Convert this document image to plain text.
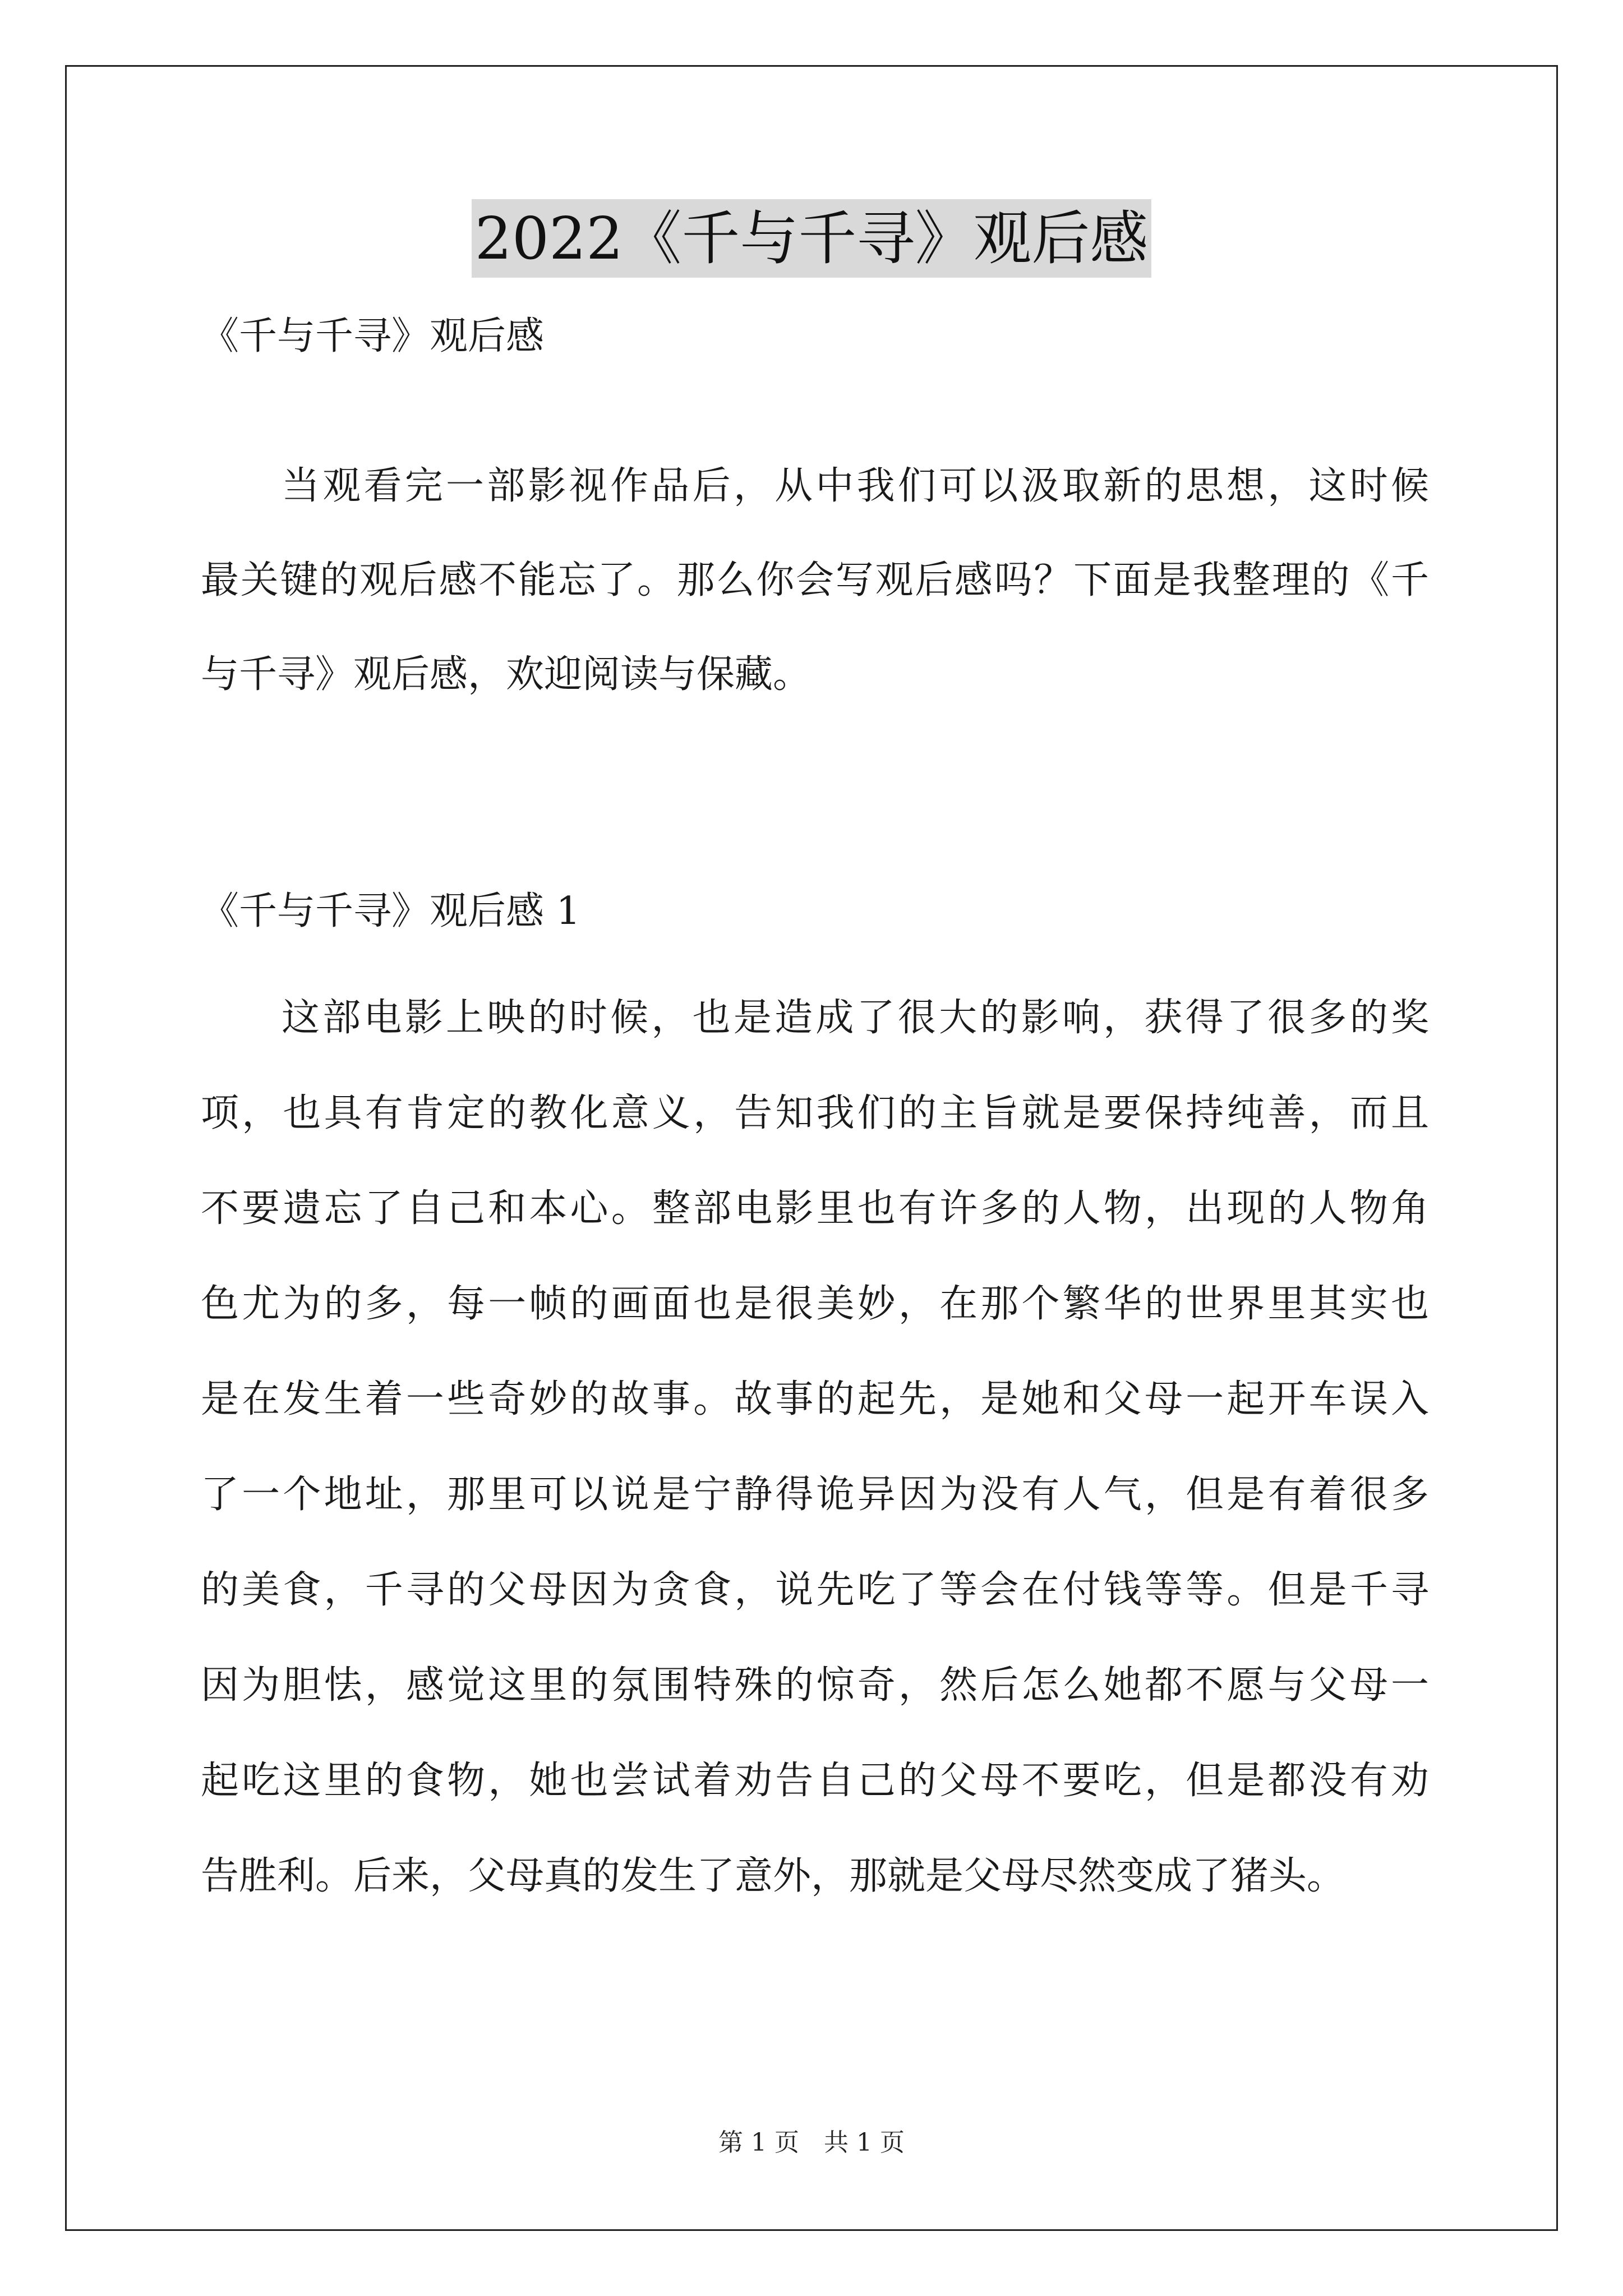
2022《千与千寻》观后感
《千与千寻》观后感
当观看完一部影视作品后，从中我们可以汲取新的思想，这时候
最关键的观后感不能忘了。那么你会写观后感吗？下面是我整理的《千
与千寻》观后感，欢迎阅读与保藏。
《千与千寻》观后感 1
这部电影上映的时候，也是造成了很大的影响，获得了很多的奖
项，也具有肯定的教化意义，告知我们的主旨就是要保持纯善，而且
不要遗忘了自己和本心。整部电影里也有许多的人物，出现的人物角
色尤为的多，每一帧的画面也是很美妙，在那个繁华的世界里其实也
是在发生着一些奇妙的故事。故事的起先，是她和父母一起开车误入
了一个地址，那里可以说是宁静得诡异因为没有人气，但是有着很多
的美食，千寻的父母因为贪食，说先吃了等会在付钱等等。但是千寻
因为胆怯，感觉这里的氛围特殊的惊奇，然后怎么她都不愿与父母一
起吃这里的食物，她也尝试着劝告自己的父母不要吃，但是都没有劝
告胜利。后来，父母真的发生了意外，那就是父母尽然变成了猪头。
第 1 页　共 1 页
